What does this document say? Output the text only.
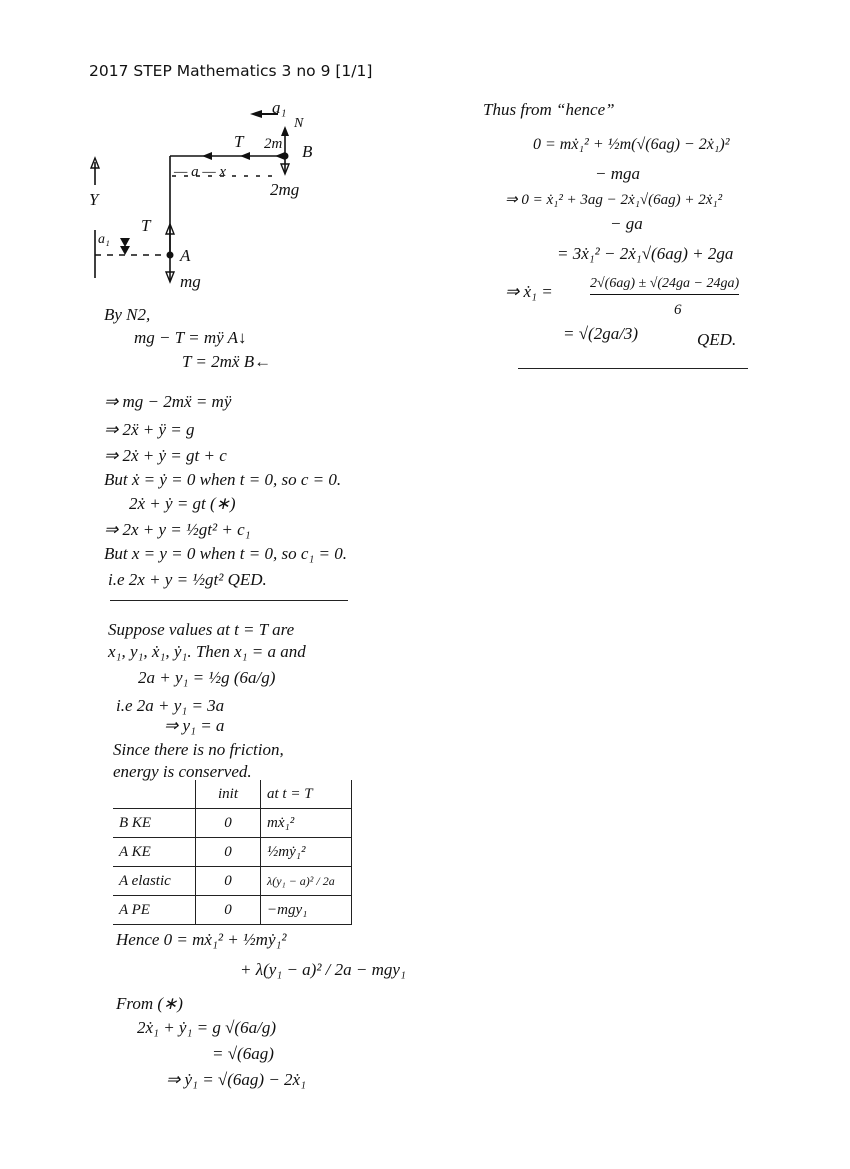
2017 STEP Mathematics 3 no 9 [1/1]
a₁
N
T 2m B
— a — x
2mg
Y
T
a₁
A
mg
By N2,
mg − T = mÿ A↓
T = 2mẍ B←
⇒ mg − 2mẍ = mÿ
⇒ 2ẍ + ÿ = g
⇒ 2ẋ + ẏ = gt + c
But ẋ = ẏ = 0 when t = 0, so c = 0.
2ẋ + ẏ = gt (∗)
⇒ 2x + y = ½gt² + c₁
But x = y = 0 when t = 0, so c₁ = 0.
i.e 2x + y = ½gt² QED.
Suppose values at t = T are
x₁, y₁, ẋ₁, ẏ₁. Then x₁ = a and
2a + y₁ = ½g (6a/g)
i.e 2a + y₁ = 3a
⇒ y₁ = a
Since there is no friction,
energy is conserved.
	init	at t = T
B KE	0	mẋ₁²
A KE	0	½mẏ₁²
A elastic	0	λ(y₁ − a)² / 2a
A PE	0	−mgy₁
Hence 0 = mẋ₁² + ½mẏ₁²
+ λ(y₁ − a)² / 2a − mgy₁
From (∗)
2ẋ₁ + ẏ₁ = g √(6a/g)
= √(6ag)
⇒ ẏ₁ = √(6ag) − 2ẋ₁
Thus from “hence”
0 = mẋ₁² + ½m(√(6ag) − 2ẋ₁)²
− mga
⇒ 0 = ẋ₁² + 3ag − 2ẋ₁√(6ag) + 2ẋ₁²
− ga
= 3ẋ₁² − 2ẋ₁√(6ag) + 2ga
⇒ ẋ₁ =	2√(6ag) ± √(24ga − 24ga)
6
= √(2ga/3)	QED.
